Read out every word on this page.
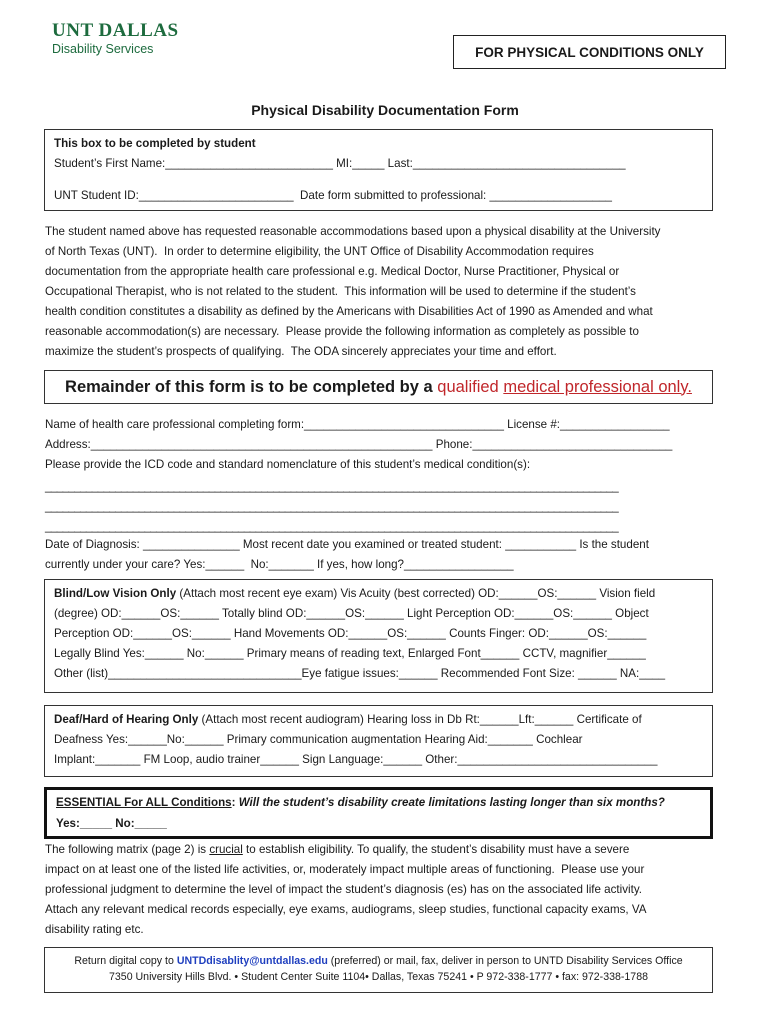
UNT DALLAS
Disability Services	FOR PHYSICAL CONDITIONS ONLY
Physical Disability Documentation Form
This box to be completed by student
Student’s First Name:__________________________ MI:_____ Last:_________________________________
UNT Student ID:________________________  Date form submitted to professional: ___________________
The student named above has requested reasonable accommodations based upon a physical disability at the University
of North Texas (UNT).  In order to determine eligibility, the UNT Office of Disability Accommodation requires
documentation from the appropriate health care professional e.g. Medical Doctor, Nurse Practitioner, Physical or
Occupational Therapist, who is not related to the student.  This information will be used to determine if the student’s
health condition constitutes a disability as defined by the Americans with Disabilities Act of 1990 as Amended and what
reasonable accommodation(s) are necessary.  Please provide the following information as completely as possible to
maximize the student’s prospects of qualifying.  The ODA sincerely appreciates your time and effort.
Remainder of this form is to be completed by a qualified medical professional only.
Name of health care professional completing form:_______________________________ License #:_________________
Address:_____________________________________________________ Phone:_______________________________
Please provide the ICD code and standard nomenclature of this student’s medical condition(s):
__________________________________________________________________________________________________
__________________________________________________________________________________________________
__________________________________________________________________________________________________
Date of Diagnosis: _______________ Most recent date you examined or treated student: ___________ Is the student
currently under your care? Yes:______  No:_______ If yes, how long?_________________
Blind/Low Vision Only (Attach most recent eye exam) Vis Acuity (best corrected) OD:______OS:______ Vision field
(degree) OD:______OS:______ Totally blind OD:______OS:______ Light Perception OD:______OS:______ Object
Perception OD:______OS:______ Hand Movements OD:______OS:______ Counts Finger: OD:______OS:______
Legally Blind Yes:______ No:______ Primary means of reading text, Enlarged Font______ CCTV, magnifier______
Other (list)______________________________Eye fatigue issues:______ Recommended Font Size: ______ NA:____
Deaf/Hard of Hearing Only (Attach most recent audiogram) Hearing loss in Db Rt:______Lft:______ Certificate of
Deafness Yes:______No:______ Primary communication augmentation Hearing Aid:_______ Cochlear
Implant:_______ FM Loop, audio trainer______ Sign Language:______ Other:_______________________________
ESSENTIAL For ALL Conditions: Will the student’s disability create limitations lasting longer than six months?
Yes:_____ No:_____
The following matrix (page 2) is crucial to establish eligibility. To qualify, the student’s disability must have a severe
impact on at least one of the listed life activities, or, moderately impact multiple areas of functioning.  Please use your
professional judgment to determine the level of impact the student’s diagnosis (es) has on the associated life activity.
Attach any relevant medical records especially, eye exams, audiograms, sleep studies, functional capacity exams, VA
disability rating etc.
Return digital copy to UNTDdisablity@untdallas.edu (preferred) or mail, fax, deliver in person to UNTD Disability Services Office
7350 University Hills Blvd. • Student Center Suite 1104• Dallas, Texas 75241 • P 972-338-1777 • fax: 972-338-1788
